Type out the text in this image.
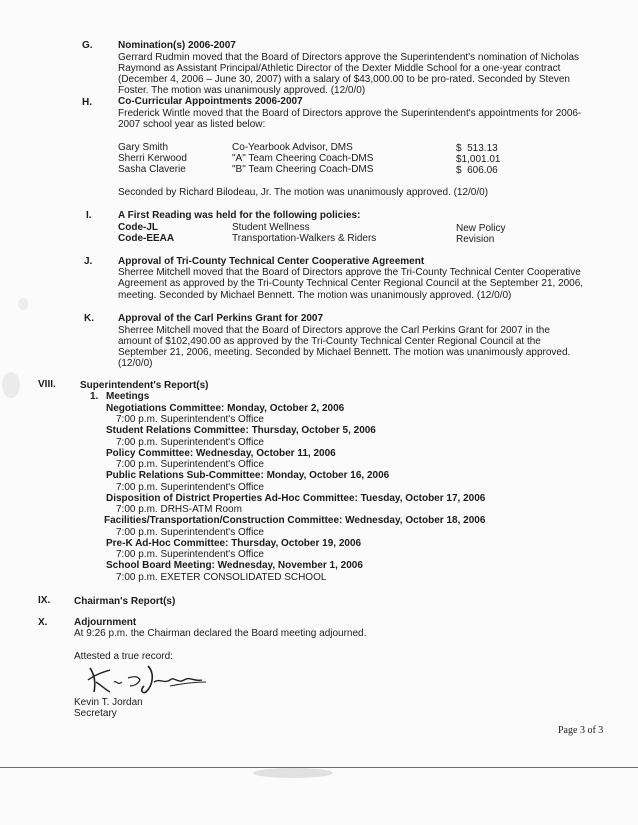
G.	Nomination(s) 2006-2007
Gerrard Rudmin moved that the Board of Directors approve the Superintendent's nomination of Nicholas
Raymond as Assistant Principal/Athletic Director of the Dexter Middle School for a one-year contract
(December 4, 2006 – June 30, 2007) with a salary of $43,000.00 to be pro-rated. Seconded by Steven
Foster. The motion was unanimously approved. (12/0/0)
H.	Co-Curricular Appointments 2006-2007
Frederick Wintle moved that the Board of Directors approve the Superintendent's appointments for 2006-
2007 school year as listed below:
Gary Smith	Co-Yearbook Advisor, DMS	$  513.13
Sherri Kerwood	"A" Team Cheering Coach-DMS	$1,001.01
Sasha Claverie	"B" Team Cheering Coach-DMS	$  606.06
Seconded by Richard Bilodeau, Jr. The motion was unanimously approved. (12/0/0)
I.	A First Reading was held for the following policies:
Code-JL	Student Wellness	New Policy
Code-EEAA	Transportation-Walkers & Riders	Revision
J.	Approval of Tri-County Technical Center Cooperative Agreement
Sherree Mitchell moved that the Board of Directors approve the Tri-County Technical Center Cooperative
Agreement as approved by the Tri-County Technical Center Regional Council at the September 21, 2006,
meeting. Seconded by Michael Bennett. The motion was unanimously approved. (12/0/0)
K. Approval of the Carl Perkins Grant for 2007
Sherree Mitchell moved that the Board of Directors approve the Carl Perkins Grant for 2007 in the
amount of $102,490.00 as approved by the Tri-County Technical Center Regional Council at the
September 21, 2006, meeting. Seconded by Michael Bennett. The motion was unanimously approved.
(12/0/0)
VIII. Superintendent's Report(s)
1. Meetings
Negotiations Committee: Monday, October 2, 2006
7:00 p.m. Superintendent's Office
Student Relations Committee: Thursday, October 5, 2006
7:00 p.m. Superintendent's Office
Policy Committee: Wednesday, October 11, 2006
7:00 p.m. Superintendent's Office
Public Relations Sub-Committee: Monday, October 16, 2006
7:00 p.m. Superintendent's Office
Disposition of District Properties Ad-Hoc Committee: Tuesday, October 17, 2006
7:00 p.m. DRHS-ATM Room
Facilities/Transportation/Construction Committee: Wednesday, October 18, 2006
7:00 p.m. Superintendent's Office
Pre-K Ad-Hoc Committee: Thursday, October 19, 2006
7:00 p.m. Superintendent's Office
School Board Meeting: Wednesday, November 1, 2006
7:00 p.m. EXETER CONSOLIDATED SCHOOL
IX. Chairman's Report(s)
X.	Adjournment
At 9:26 p.m. the Chairman declared the Board meeting adjourned.
Attested a true record:
Kevin T. Jordan
Secretary
Page 3 of 3
